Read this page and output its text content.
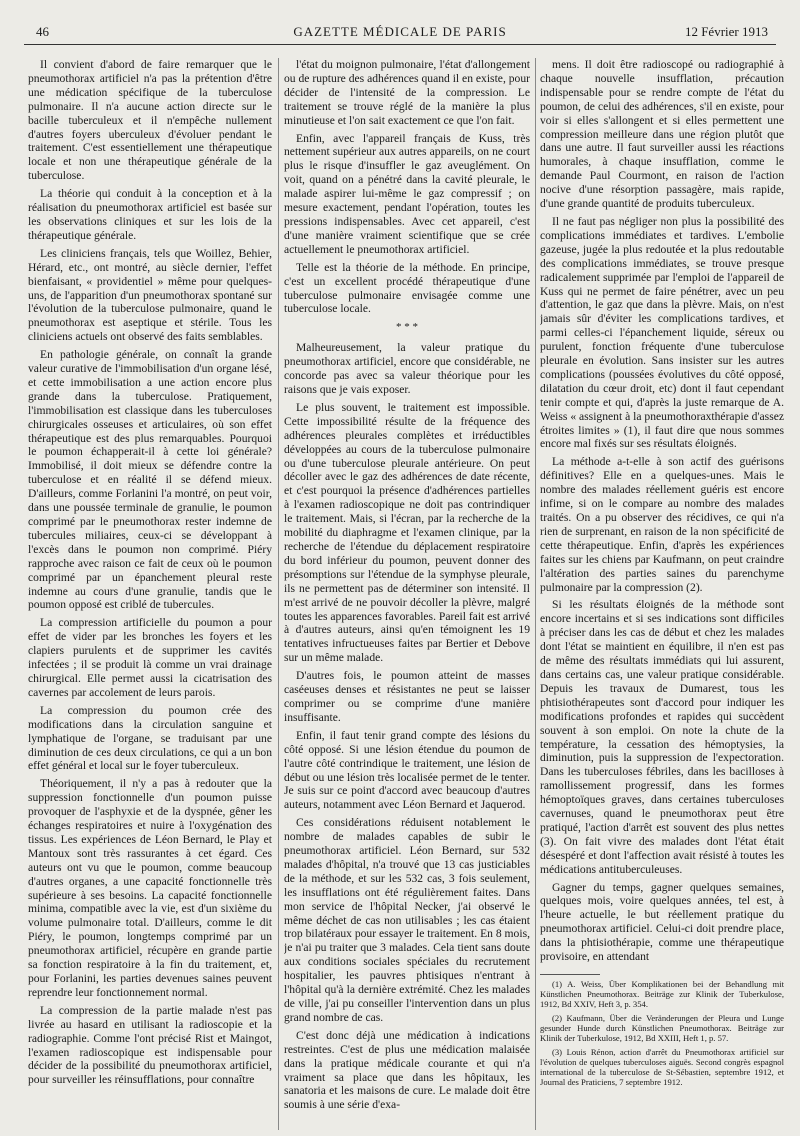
46	GAZETTE MÉDICALE DE PARIS	12 Février 1913

Il convient d'abord de faire remarquer que le pneumothorax artificiel n'a pas la prétention d'être une médication spécifique de la tuberculose pulmonaire. Il n'a aucune action directe sur le bacille tuberculeux et il n'empêche nullement d'autres foyers uberculeux d'évoluer pendant le traitement. C'est essentiellement une thérapeutique locale et non une thérapeutique générale de la tuberculose.

La théorie qui conduit à la conception et à la réalisation du pneumothorax artificiel est basée sur les observations cliniques et sur les lois de la thérapeutique générale.

Les cliniciens français, tels que Woillez, Behier, Hérard, etc., ont montré, au siècle dernier, l'effet bienfaisant, « providentiel » même pour quelques-uns, de l'apparition d'un pneumothorax spontané sur l'évolution de la tuberculose pulmonaire, quand le pneumothorax est aseptique et stérile. Tous les cliniciens actuels ont observé des faits semblables.

En pathologie générale, on connaît la grande valeur curative de l'immobilisation d'un organe lésé, et cette immobilisation a une action encore plus grande dans la tuberculose. Pratiquement, l'immobilisation est classique dans les tuberculoses chirurgicales osseuses et articulaires, où son effet thérapeutique est des plus remarquables. Pourquoi le poumon échapperait-il à cette loi générale? Immobilisé, il doit mieux se défendre contre la tuberculose et en réalité il se défend mieux. D'ailleurs, comme Forlanini l'a montré, on peut voir, dans une poussée terminale de granulie, le poumon comprimé par le pneumothorax rester indemne de tubercules miliaires, ceux-ci se développant à l'excès dans le poumon non comprimé. Piéry rapproche avec raison ce fait de ceux où le poumon comprimé par un épanchement pleural reste indemne au cours d'une granulie, tandis que le poumon opposé est criblé de tubercules.

La compression artificielle du poumon a pour effet de vider par les bronches les foyers et les clapiers purulents et de supprimer les cavités infectées ; il se produit là comme un vrai drainage chirurgical. Elle permet aussi la cicatrisation des cavernes par accolement de leurs parois.

La compression du poumon crée des modifications dans la circulation sanguine et lymphatique de l'organe, se traduisant par une diminution de ces deux circulations, ce qui a un bon effet général et local sur le foyer tuberculeux.

Théoriquement, il n'y a pas à redouter que la suppression fonctionnelle d'un poumon puisse provoquer de l'asphyxie et de la dyspnée, gêner les échanges respiratoires et nuire à l'oxygénation des tissus. Les expériences de Léon Bernard, le Play et Mantoux sont très rassurantes à cet égard. Ces auteurs ont vu que le poumon, comme beaucoup d'autres organes, a une capacité fonctionnelle très supérieure à ses besoins. La capacité fonctionnelle minima, compatible avec la vie, est d'un sixième du volume pulmonaire total. D'ailleurs, comme le dit Piéry, le poumon, longtemps comprimé par un pneumothorax artificiel, récupère en grande partie sa fonction respiratoire à la fin du traitement, et, pour Forlanini, les parties devenues saines peuvent reprendre leur fonctionnement normal.

La compression de la partie malade n'est pas livrée au hasard en utilisant la radioscopie et la radiographie. Comme l'ont précisé Rist et Maingot, l'examen radioscopique est indispensable pour décider de la possibilité du pneumothorax artificiel, pour surveiller les réinsufflations, pour connaître

l'état du moignon pulmonaire, l'état d'allongement ou de rupture des adhérences quand il en existe, pour décider de l'intensité de la compression. Le traitement se trouve réglé de la manière la plus minutieuse et l'on sait exactement ce que l'on fait.

Enfin, avec l'appareil français de Kuss, très nettement supérieur aux autres appareils, on ne court plus le risque d'insuffler le gaz aveuglément. On voit, quand on a pénétré dans la cavité pleurale, le malade aspirer lui-même le gaz compressif ; on mesure exactement, pendant l'opération, toutes les pressions indispensables. Avec cet appareil, c'est d'une manière vraiment scientifique que se crée actuellement le pneumothorax artificiel.

Telle est la théorie de la méthode. En principe, c'est un excellent procédé thérapeutique d'une tuberculose pulmonaire envisagée comme une tuberculose locale.

* * *

Malheureusement, la valeur pratique du pneumothorax artificiel, encore que considérable, ne concorde pas avec sa valeur théorique pour les raisons que je vais exposer.

Le plus souvent, le traitement est impossible. Cette impossibilité résulte de la fréquence des adhérences pleurales complètes et irréductibles développées au cours de la tuberculose pulmonaire ou d'une tuberculose pleurale antérieure. On peut décoller avec le gaz des adhérences de date récente, et c'est pourquoi la présence d'adhérences partielles à l'examen radioscopique ne doit pas contrindiquer le traitement. Mais, si l'écran, par la recherche de la mobilité du diaphragme et l'examen clinique, par la recherche de l'étendue du déplacement respiratoire du bord inférieur du poumon, peuvent donner des présomptions sur l'étendue de la symphyse pleurale, ils ne permettent pas de déterminer son intensité. Il m'est arrivé de ne pouvoir décoller la plèvre, malgré toutes les apparences favorables. Pareil fait est arrivé à d'autres auteurs, ainsi qu'en témoignent les 19 tentatives infructueuses faites par Bertier et Debove sur un même malade.

D'autres fois, le poumon atteint de masses caséeuses denses et résistantes ne peut se laisser comprimer ou se comprime d'une manière insuffisante.

Enfin, il faut tenir grand compte des lésions du côté opposé. Si une lésion étendue du poumon de l'autre côté contrindique le traitement, une lésion de début ou une lésion très localisée permet de le tenter. Je suis sur ce point d'accord avec beaucoup d'autres auteurs, notamment avec Léon Bernard et Jaquerod.

Ces considérations réduisent notablement le nombre de malades capables de subir le pneumothorax artificiel. Léon Bernard, sur 532 malades d'hôpital, n'a trouvé que 13 cas justiciables de la méthode, et sur les 532 cas, 3 fois seulement, les insufflations ont été régulièrement faites. Dans mon service de l'hôpital Necker, j'ai observé le même déchet de cas non utilisables ; les cas étaient trop bilatéraux pour essayer le traitement. En 8 mois, je n'ai pu traiter que 3 malades. Cela tient sans doute aux conditions sociales spéciales du recrutement hospitalier, les pauvres phtisiques n'entrant à l'hôpital qu'à la dernière extrémité. Chez les malades de ville, j'ai pu conseiller l'intervention dans un plus grand nombre de cas.

C'est donc déjà une médication à indications restreintes. C'est de plus une médication malaisée dans la pratique médicale courante et qui n'a vraiment sa place que dans les hôpitaux, les sanatoria et les maisons de cure. Le malade doit être soumis à une série d'exa-

mens. Il doit être radioscopé ou radiographié à chaque nouvelle insufflation, précaution indispensable pour se rendre compte de l'état du poumon, de celui des adhérences, s'il en existe, pour voir si elles s'allongent et si elles permettent une compression meilleure dans une région plutôt que dans une autre. Il faut surveiller aussi les réactions humorales, à chaque insufflation, comme le demande Paul Courmont, en raison de l'action nocive d'une résorption passagère, mais rapide, d'une grande quantité de produits tuberculeux.

Il ne faut pas négliger non plus la possibilité des complications immédiates et tardives. L'embolie gazeuse, jugée la plus redoutée et la plus redoutable des complications immédiates, se trouve presque radicalement supprimée par l'emploi de l'appareil de Kuss qui ne permet de faire pénétrer, avec un peu d'attention, le gaz que dans la plèvre. Mais, on n'est jamais sûr d'éviter les complications tardives, et parmi celles-ci l'épanchement liquide, séreux ou purulent, fonction fréquente d'une tuberculose pleurale en évolution. Sans insister sur les autres complications (poussées évolutives du côté opposé, dilatation du cœur droit, etc) dont il faut cependant tenir compte et qui, d'après la juste remarque de A. Weiss « assignent à la pneumothoraxthérapie d'assez étroites limites » (1), il faut dire que nous sommes encore mal fixés sur ses résultats éloignés.

La méthode a-t-elle à son actif des guérisons définitives? Elle en a quelques-unes. Mais le nombre des malades réellement guéris est encore infime, si on le compare au nombre des malades traités. On a pu observer des récidives, ce qui n'a rien de surprenant, en raison de la non spécificité de cette thérapeutique. Enfin, d'après les expériences faites sur les chiens par Kaufmann, on peut craindre l'altération des parties saines du parenchyme pulmonaire par la compression (2).

Si les résultats éloignés de la méthode sont encore incertains et si ses indications sont difficiles à préciser dans les cas de début et chez les malades dont l'état se maintient en équilibre, il n'en est pas de même des résultats immédiats qui lui assurent, dans certains cas, une valeur pratique considérable. Depuis les travaux de Dumarest, tous les phtisiothérapeutes sont d'accord pour indiquer les modifications profondes et rapides qui succèdent souvent à son emploi. On note la chute de la température, la cessation des hémoptysies, la diminution, puis la suppression de l'expectoration. Dans les tuberculoses fébriles, dans les bacilloses à ramollissement progressif, dans les formes hémoptoïques graves, dans certaines tuberculoses cavernuses, quand le pneumothorax peut être pratiqué, l'action d'arrêt est souvent des plus nettes (3). On fait vivre des malades dont l'état était désespéré et dont l'affection avait résisté à toutes les médications antituberculeuses.

Gagner du temps, gagner quelques semaines, quelques mois, voire quelques années, tel est, à l'heure actuelle, le but réellement pratique du pneumothorax artificiel. Celui-ci doit prendre place, dans la phtisiothérapie, comme une thérapeutique provisoire, en attendant

(1) A. Weiss, Über Komplikationen bei der Behandlung mit Künstlichen Pneumothorax. Beiträge zur Klinik der Tuberkulose, 1912, Bd XXIV, Heft 3, p. 354.

(2) Kaufmann, Über die Veränderungen der Pleura und Lunge gesunder Hunde durch Künstlichen Pneumothorax. Beiträge zur Klinik der Tuberkulose, 1912, Bd XXIII, Heft 1, p. 57.

(3) Louis Rénon, action d'arrêt du Pneumothorax artificiel sur l'évolution de quelques tuberculoses aiguës. Second congrès espagnol international de la tuberculose de St-Sébastien, septembre 1912, et Journal des Praticiens, 7 septembre 1912.
